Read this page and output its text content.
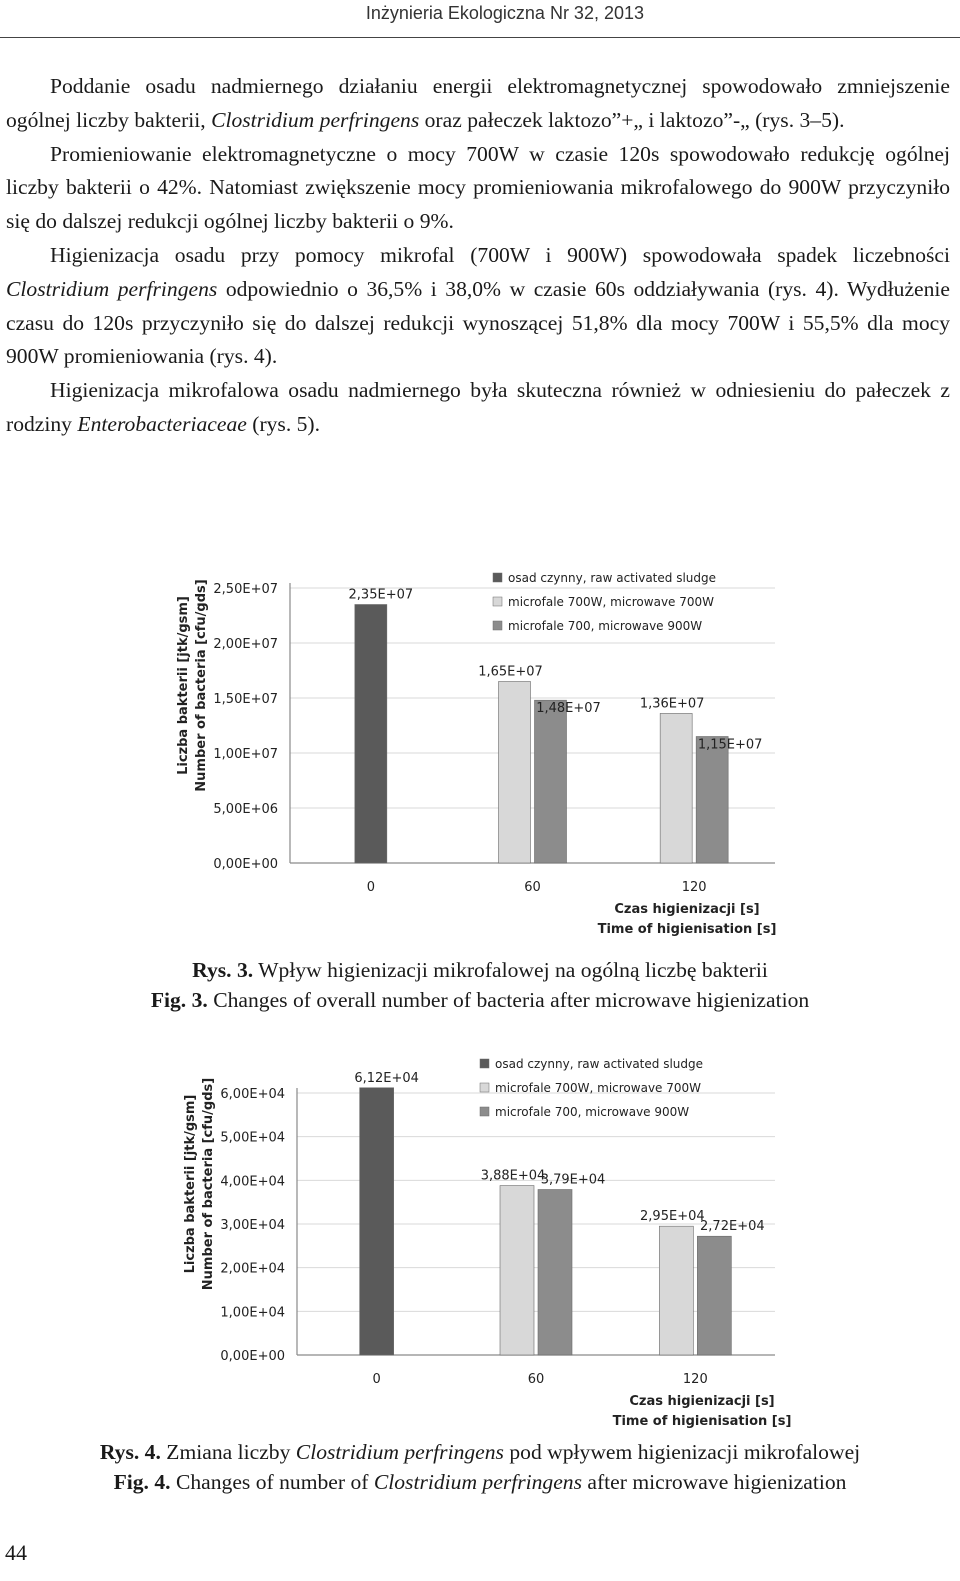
Inżynieria Ekologiczna Nr 32, 2013

Poddanie osadu nadmiernego działaniu energii elektromagnetycznej spowodowało zmniejszenie ogólnej liczby bakterii, Clostridium perfringens oraz pałeczek laktozo”+„ i laktozo”-„ (rys. 3–5).

Promieniowanie elektromagnetyczne o mocy 700W w czasie 120s spowodowało redukcję ogólnej liczby bakterii o 42%. Natomiast zwiększenie mocy promieniowania mikrofalowego do 900W przyczyniło się do dalszej redukcji ogólnej liczby bakterii o 9%.

Higienizacja osadu przy pomocy mikrofal (700W i 900W) spowodowała spadek liczebności Clostridium perfringens odpowiednio o 36,5% i 38,0% w czasie 60s oddziaływania (rys. 4). Wydłużenie czasu do 120s przyczyniło się do dalszej redukcji wynoszącej 51,8% dla mocy 700W i 55,5% dla mocy 900W promieniowania (rys. 4).

Higienizacja mikrofalowa osadu nadmiernego była skuteczna również w odniesieniu do pałeczek z rodziny Enterobacteriaceae (rys. 5).

0,00E+00
5,00E+06
1,00E+07
1,50E+07
2,00E+07
2,50E+07	2,35E+07
0
1,65E+07
1,48E+07
60
1,36E+07
1,15E+07
120
osad czynny, raw activated sludge
microfale 700W, microwave 700W
microfale 700, microwave 900W
Liczba bakterii [jtk/gsm] Number of bacteria [cfu/gds]
Czas higienizacji [s]
Time of higienisation [s]
Rys. 3. Wpływ higienizacji mikrofalowej na ogólną liczbę bakterii
Fig. 3. Changes of overall number of bacteria after microwave higienization
0,00E+00
1,00E+04
2,00E+04
3,00E+04
4,00E+04
5,00E+04
6,00E+04
6,12E+04
0
3,88E+04
3,79E+04
60
2,95E+04
2,72E+04
120
osad czynny, raw activated sludge
microfale 700W, microwave 700W
microfale 700, microwave 900W
Liczba bakterii [jtk/gsm] Number of bacteria [cfu/gds]
Czas higienizacji [s]
Time of higienisation [s]
Rys. 4. Zmiana liczby Clostridium perfringens pod wpływem higienizacji mikrofalowej
Fig. 4. Changes of number of Clostridium perfringens after microwave higienization
44
